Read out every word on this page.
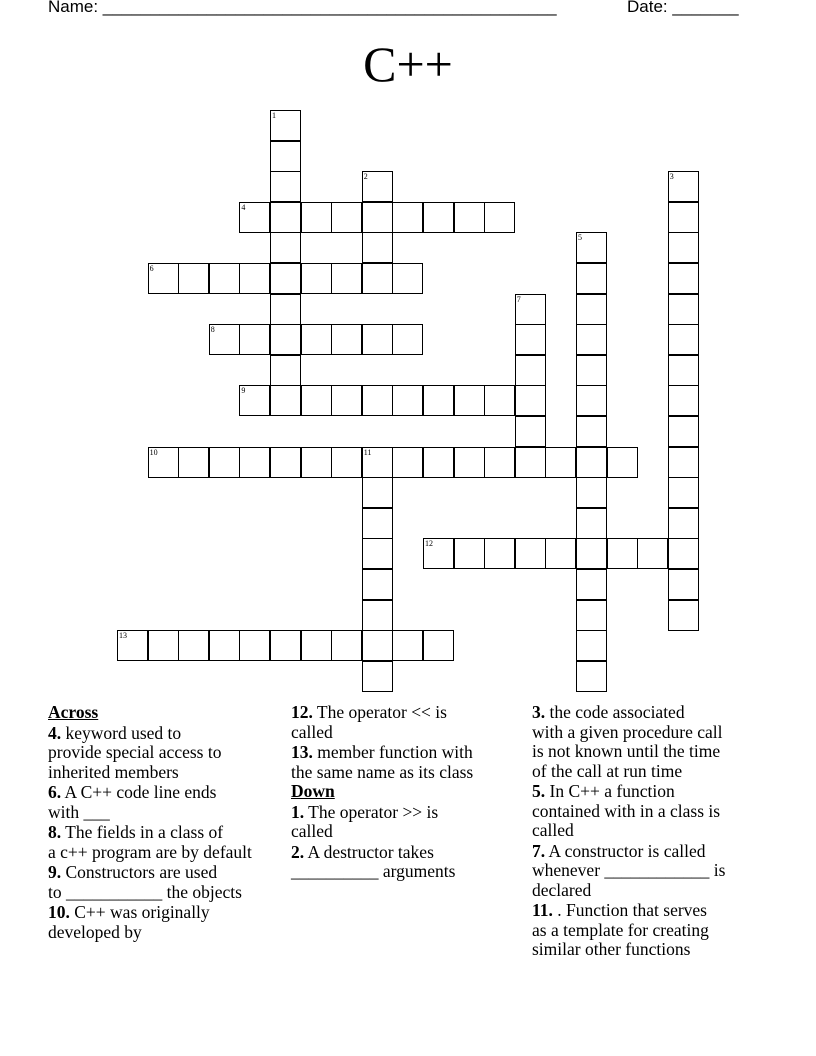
Name: ________________________________________________	Date: _______
C++
1
2	3
4
5
6
7
8
9
10	11
12
13
Across
4. keyword used to
provide special access to
inherited members
6. A C++ code line ends
with ___
8. The fields in a class of
a c++ program are by default
9. Constructors are used
to ___________ the objects
10. C++ was originally
developed by
12. The operator << is
called
13. member function with
the same name as its class
Down
1. The operator >> is
called
2. A destructor takes
__________ arguments
3. the code associated
with a given procedure call
is not known until the time
of the call at run time
5. In C++ a function
contained with in a class is
called
7. A constructor is called
whenever ____________ is
declared
11. . Function that serves
as a template for creating
similar other functions
